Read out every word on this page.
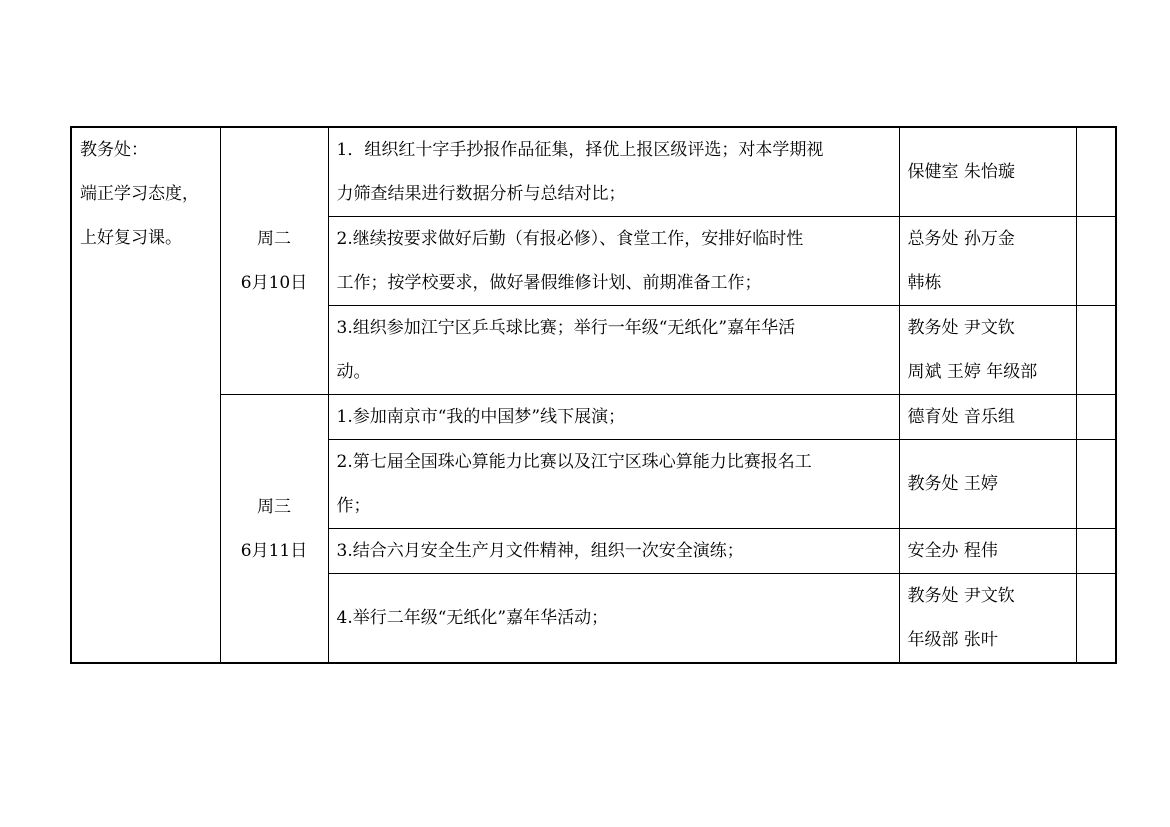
教务处：
端正学习态度，
上好复习课。	周二
6月10日	1．组织红十字手抄报作品征集，择优上报区级评选；对本学期视
力筛查结果进行数据分析与总结对比；	保健室 朱怡璇	

		2.继续按要求做好后勤（有报必修）、食堂工作，安排好临时性
工作；按学校要求，做好暑假维修计划、前期准备工作；	总务处 孙万金
韩栋	

		3.组织参加江宁区乒乓球比赛；举行一年级“无纸化”嘉年华活
动。	教务处 尹文钦
周斌 王婷 年级部	

	周三
6月11日	1.参加南京市“我的中国梦”线下展演；	德育处 音乐组	

		2.第七届全国珠心算能力比赛以及江宁区珠心算能力比赛报名工
作；	教务处 王婷	

		3.结合六月安全生产月文件精神，组织一次安全演练；	安全办 程伟	

		4.举行二年级“无纸化”嘉年华活动；	教务处 尹文钦
年级部 张叶	
